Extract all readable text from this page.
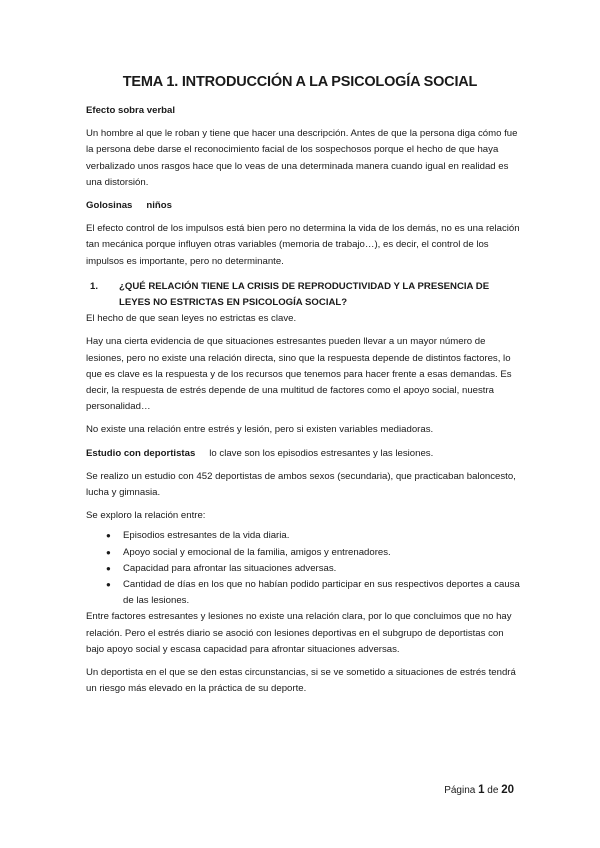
TEMA 1. INTRODUCCIÓN A LA PSICOLOGÍA SOCIAL

Efecto sobra verbal

Un hombre al que le roban y tiene que hacer una descripción. Antes de que la persona diga cómo fue la persona debe darse el reconocimiento facial de los sospechosos porque el hecho de que haya verbalizado unos rasgos hace que lo veas de una determinada manera cuando igual en realidad es una distorsión.

Golosinas niños

El efecto control de los impulsos está bien pero no determina la vida de los demás, no es una relación tan mecánica porque influyen otras variables (memoria de trabajo…), es decir, el control de los impulsos es importante, pero no determinante.

1.	¿QUÉ RELACIÓN TIENE LA CRISIS DE REPRODUCTIVIDAD Y LA PRESENCIA DE LEYES NO ESTRICTAS EN PSICOLOGÍA SOCIAL?

El hecho de que sean leyes no estrictas es clave.

Hay una cierta evidencia de que situaciones estresantes pueden llevar a un mayor número de lesiones, pero no existe una relación directa, sino que la respuesta depende de distintos factores, lo que es clave es la respuesta y de los recursos que tenemos para hacer frente a esas demandas. Es decir, la respuesta de estrés depende de una multitud de factores como el apoyo social, nuestra personalidad…

No existe una relación entre estrés y lesión, pero si existen variables mediadoras.

Estudio con deportistas lo clave son los episodios estresantes y las lesiones.

Se realizo un estudio con 452 deportistas de ambos sexos (secundaria), que practicaban baloncesto, lucha y gimnasia.

Se exploro la relación entre:

●	Episodios estresantes de la vida diaria.
●	Apoyo social y emocional de la familia, amigos y entrenadores.
●	Capacidad para afrontar las situaciones adversas.
●	Cantidad de días en los que no habían podido participar en sus respectivos deportes a causa de las lesiones.

Entre factores estresantes y lesiones no existe una relación clara, por lo que concluimos que no hay relación. Pero el estrés diario se asoció con lesiones deportivas en el subgrupo de deportistas con bajo apoyo social y escasa capacidad para afrontar situaciones adversas.

Un deportista en el que se den estas circunstancias, si se ve sometido a situaciones de estrés tendrá un riesgo más elevado en la práctica de su deporte.

Página 1 de 20
